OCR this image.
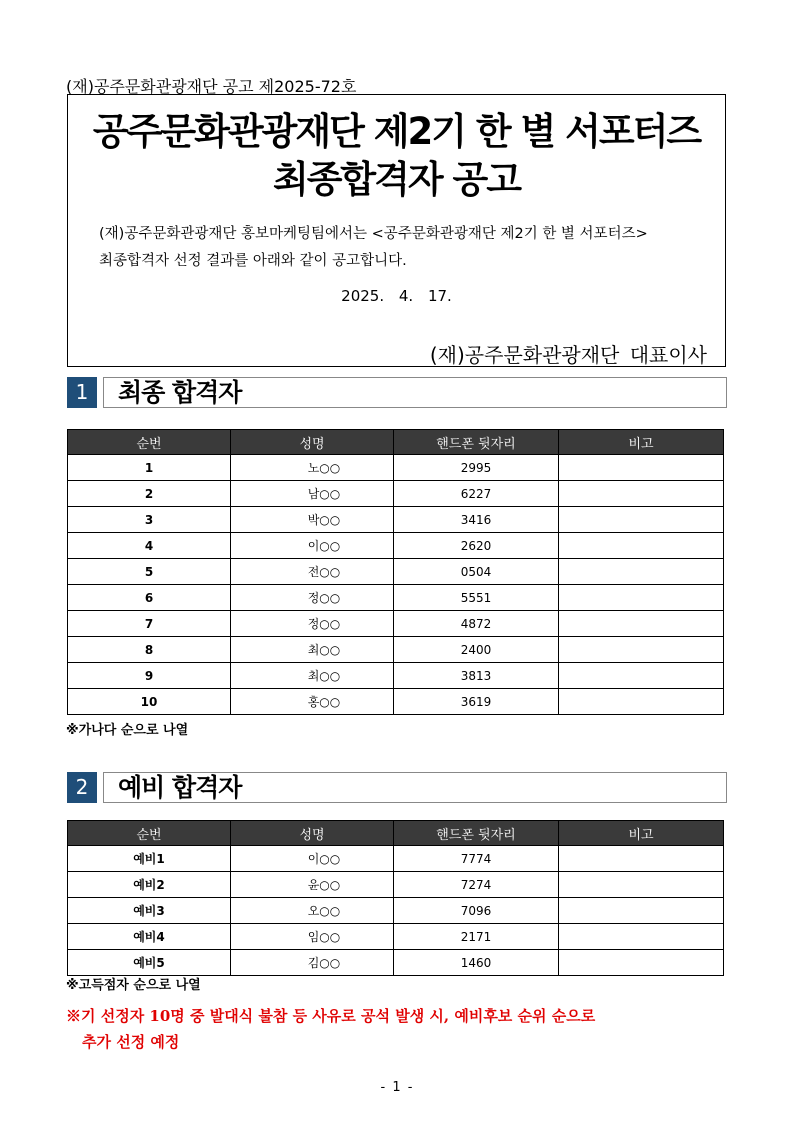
(재)공주문화관광재단 공고 제2025-72호
공주문화관광재단 제2기 한 별 서포터즈
최종합격자 공고
(재)공주문화관광재단 홍보마케팅팀에서는 <공주문화관광재단 제2기 한 별 서포터즈>
최종합격자 선정 결과를 아래와 같이 공고합니다.
2025. 4. 17.
(재)공주문화관광재단 대표이사
1	최종 합격자
순번	성명	핸드폰 뒷자리	비고
1	노○○	2995	
2	남○○	6227	
3	박○○	3416	
4	이○○	2620	
5	전○○	0504	
6	정○○	5551	
7	정○○	4872	
8	최○○	2400	
9	최○○	3813	
10	홍○○	3619	
※가나다 순으로 나열
2	예비 합격자
순번	성명	핸드폰 뒷자리	비고
예비1	이○○	7774	
예비2	윤○○	7274	
예비3	오○○	7096	
예비4	임○○	2171	
예비5	김○○	1460	
※고득점자 순으로 나열
※기 선정자 10명 중 발대식 불참 등 사유로 공석 발생 시, 예비후보 순위 순으로
추가 선정 예정
- 1 -
